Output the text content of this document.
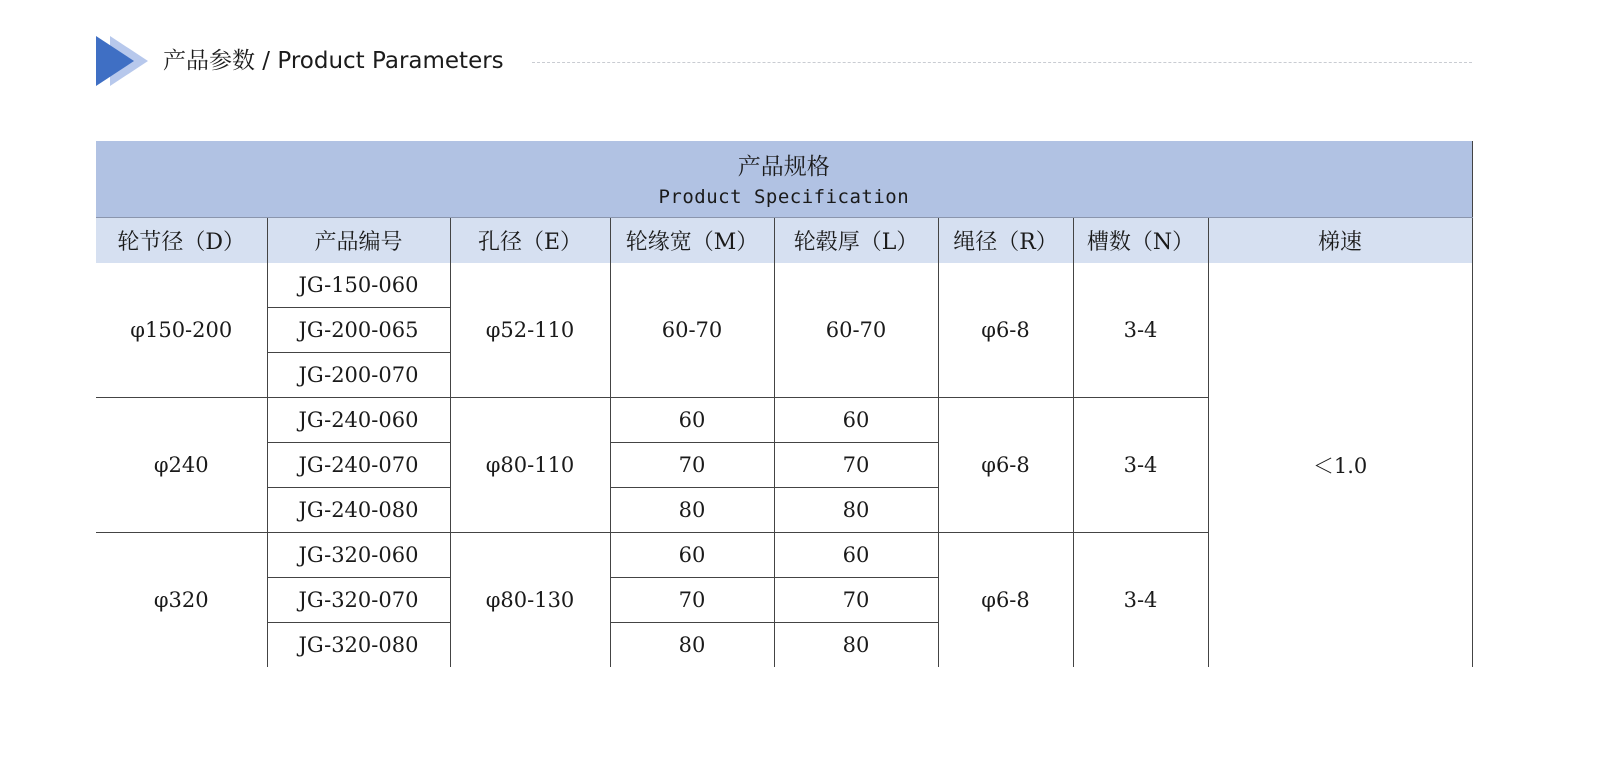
产品参数 / Product Parameters
产品规格
Product Specification							

轮节径（D）	产品编号	孔径（E）	轮缘宽（M）	轮毂厚（L）	绳径（R）	槽数（N）	梯速
φ150-200	JG-150-060	φ52-110	60-70	60-70	φ6-8	3-4	＜1.0
	JG-200-065						
	JG-200-070						
φ240	JG-240-060	φ80-110	60	60	φ6-8	3-4	
	JG-240-070		70	70			
	JG-240-080		80	80			
φ320	JG-320-060	φ80-130	60	60	φ6-8	3-4	
	JG-320-070		70	70			
	JG-320-080		80	80			
